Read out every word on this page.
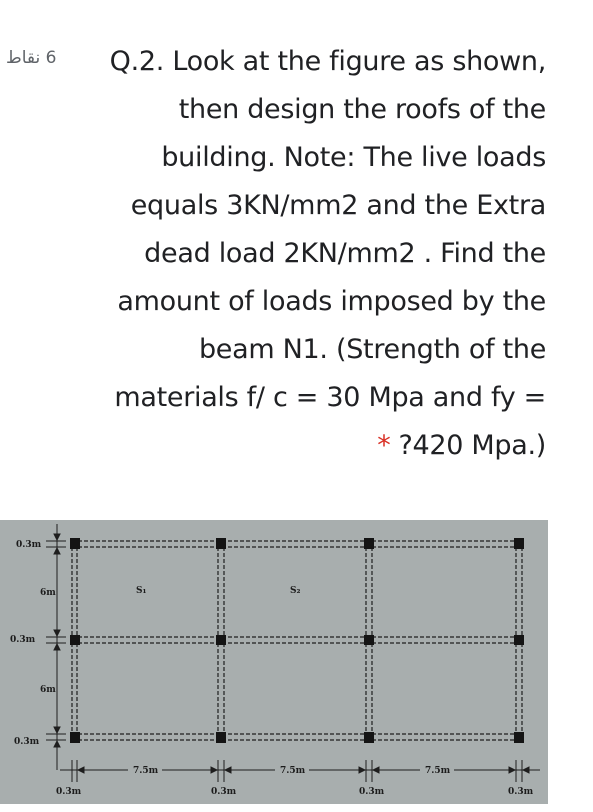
6 نقاط	Q.2. Look at the figure as shown,
then design the roofs of the
building. Note: The live loads
equals 3KN/mm2 and the Extra
dead load 2KN/mm2 . Find the
amount of loads imposed by the
beam N1. (Strength of the
materials f/ c = 30 Mpa and fy =
* ?420 Mpa.)
0.3m
6m
0.3m
6m
0.3m
S₁	S₂
7.5m	7.5m	7.5m
0.3m	0.3m	0.3m	0.3m
